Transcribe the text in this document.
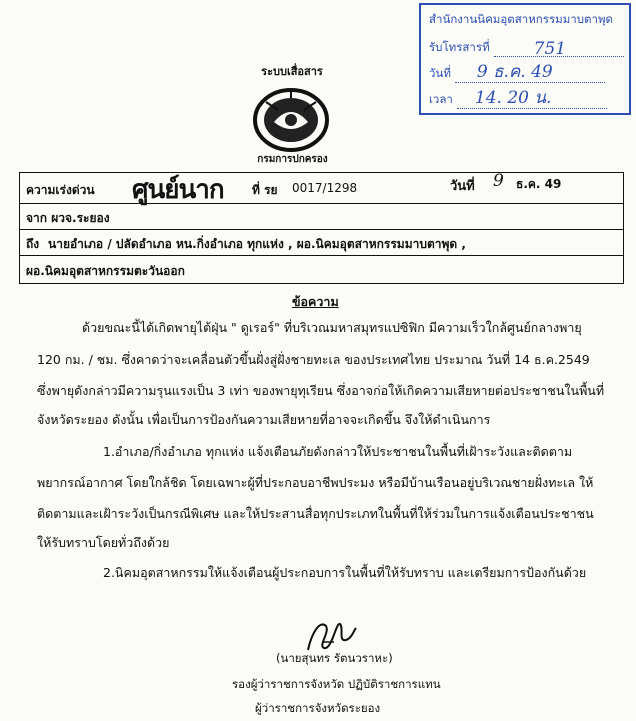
สำนักงานนิคมอุตสาหกรรมมาบตาพุด
รับโทรสารที่	751
วันที่ 9 ธ.ค. 49
เวลา 14. 20 น.
ระบบเสื่อสาร
กรมการปกครอง
ความเร่งด่วน ศูนย์นาก ที่ รย 0017/1298	วันที่ 9 ธ.ค. 49
จาก ผวจ.ระยอง
ถึง นายอำเภอ / ปลัดอำเภอ หน.กิ่งอำเภอ ทุกแห่ง , ผอ.นิคมอุตสาหกรรมมาบตาพุด ,
ผอ.นิคมอุตสาหกรรมตะวันออก
ข้อความ
ด้วยขณะนี้ได้เกิดพายุไต้ฝุ่น " ดูเรอร์" ที่บริเวณมหาสมุทรแปซิฟิก มีความเร็วใกล้ศูนย์กลางพายุ
120 กม. / ชม. ซึ่งคาดว่าจะเคลื่อนตัวขึ้นฝั่งสู่ฝั่งชายทะเล ของประเทศไทย ประมาณ วันที่ 14 ธ.ค.2549
ซึ่งพายุดังกล่าวมีความรุนแรงเป็น 3 เท่า ของพายุทุเรียน ซึ่งอาจก่อให้เกิดความเสียหายต่อประชาชนในพื้นที่
จังหวัดระยอง ดังนั้น เพื่อเป็นการป้องกันความเสียหายที่อาจจะเกิดขึ้น จึงให้ดำเนินการ
1.อำเภอ/กิ่งอำเภอ ทุกแห่ง แจ้งเตือนภัยดังกล่าวให้ประชาชนในพื้นที่เฝ้าระวังและติดตาม
พยากรณ์อากาศ โดยใกล้ชิด โดยเฉพาะผู้ที่ประกอบอาชีพประมง หรือมีบ้านเรือนอยู่บริเวณชายฝั่งทะเล ให้
ติดตามและเฝ้าระวังเป็นกรณีพิเศษ และให้ประสานสื่อทุกประเภทในพื้นที่ให้ร่วมในการแจ้งเตือนประชาชน
ให้รับทราบโดยทั่วถึงด้วย
2.นิคมอุตสาหกรรมให้แจ้งเตือนผู้ประกอบการในพื้นที่ให้รับทราบ และเตรียมการป้องกันด้วย
(นายสุนทร รัตนวราหะ)
รองผู้ว่าราชการจังหวัด ปฏิบัติราชการแทน
ผู้ว่าราชการจังหวัดระยอง
